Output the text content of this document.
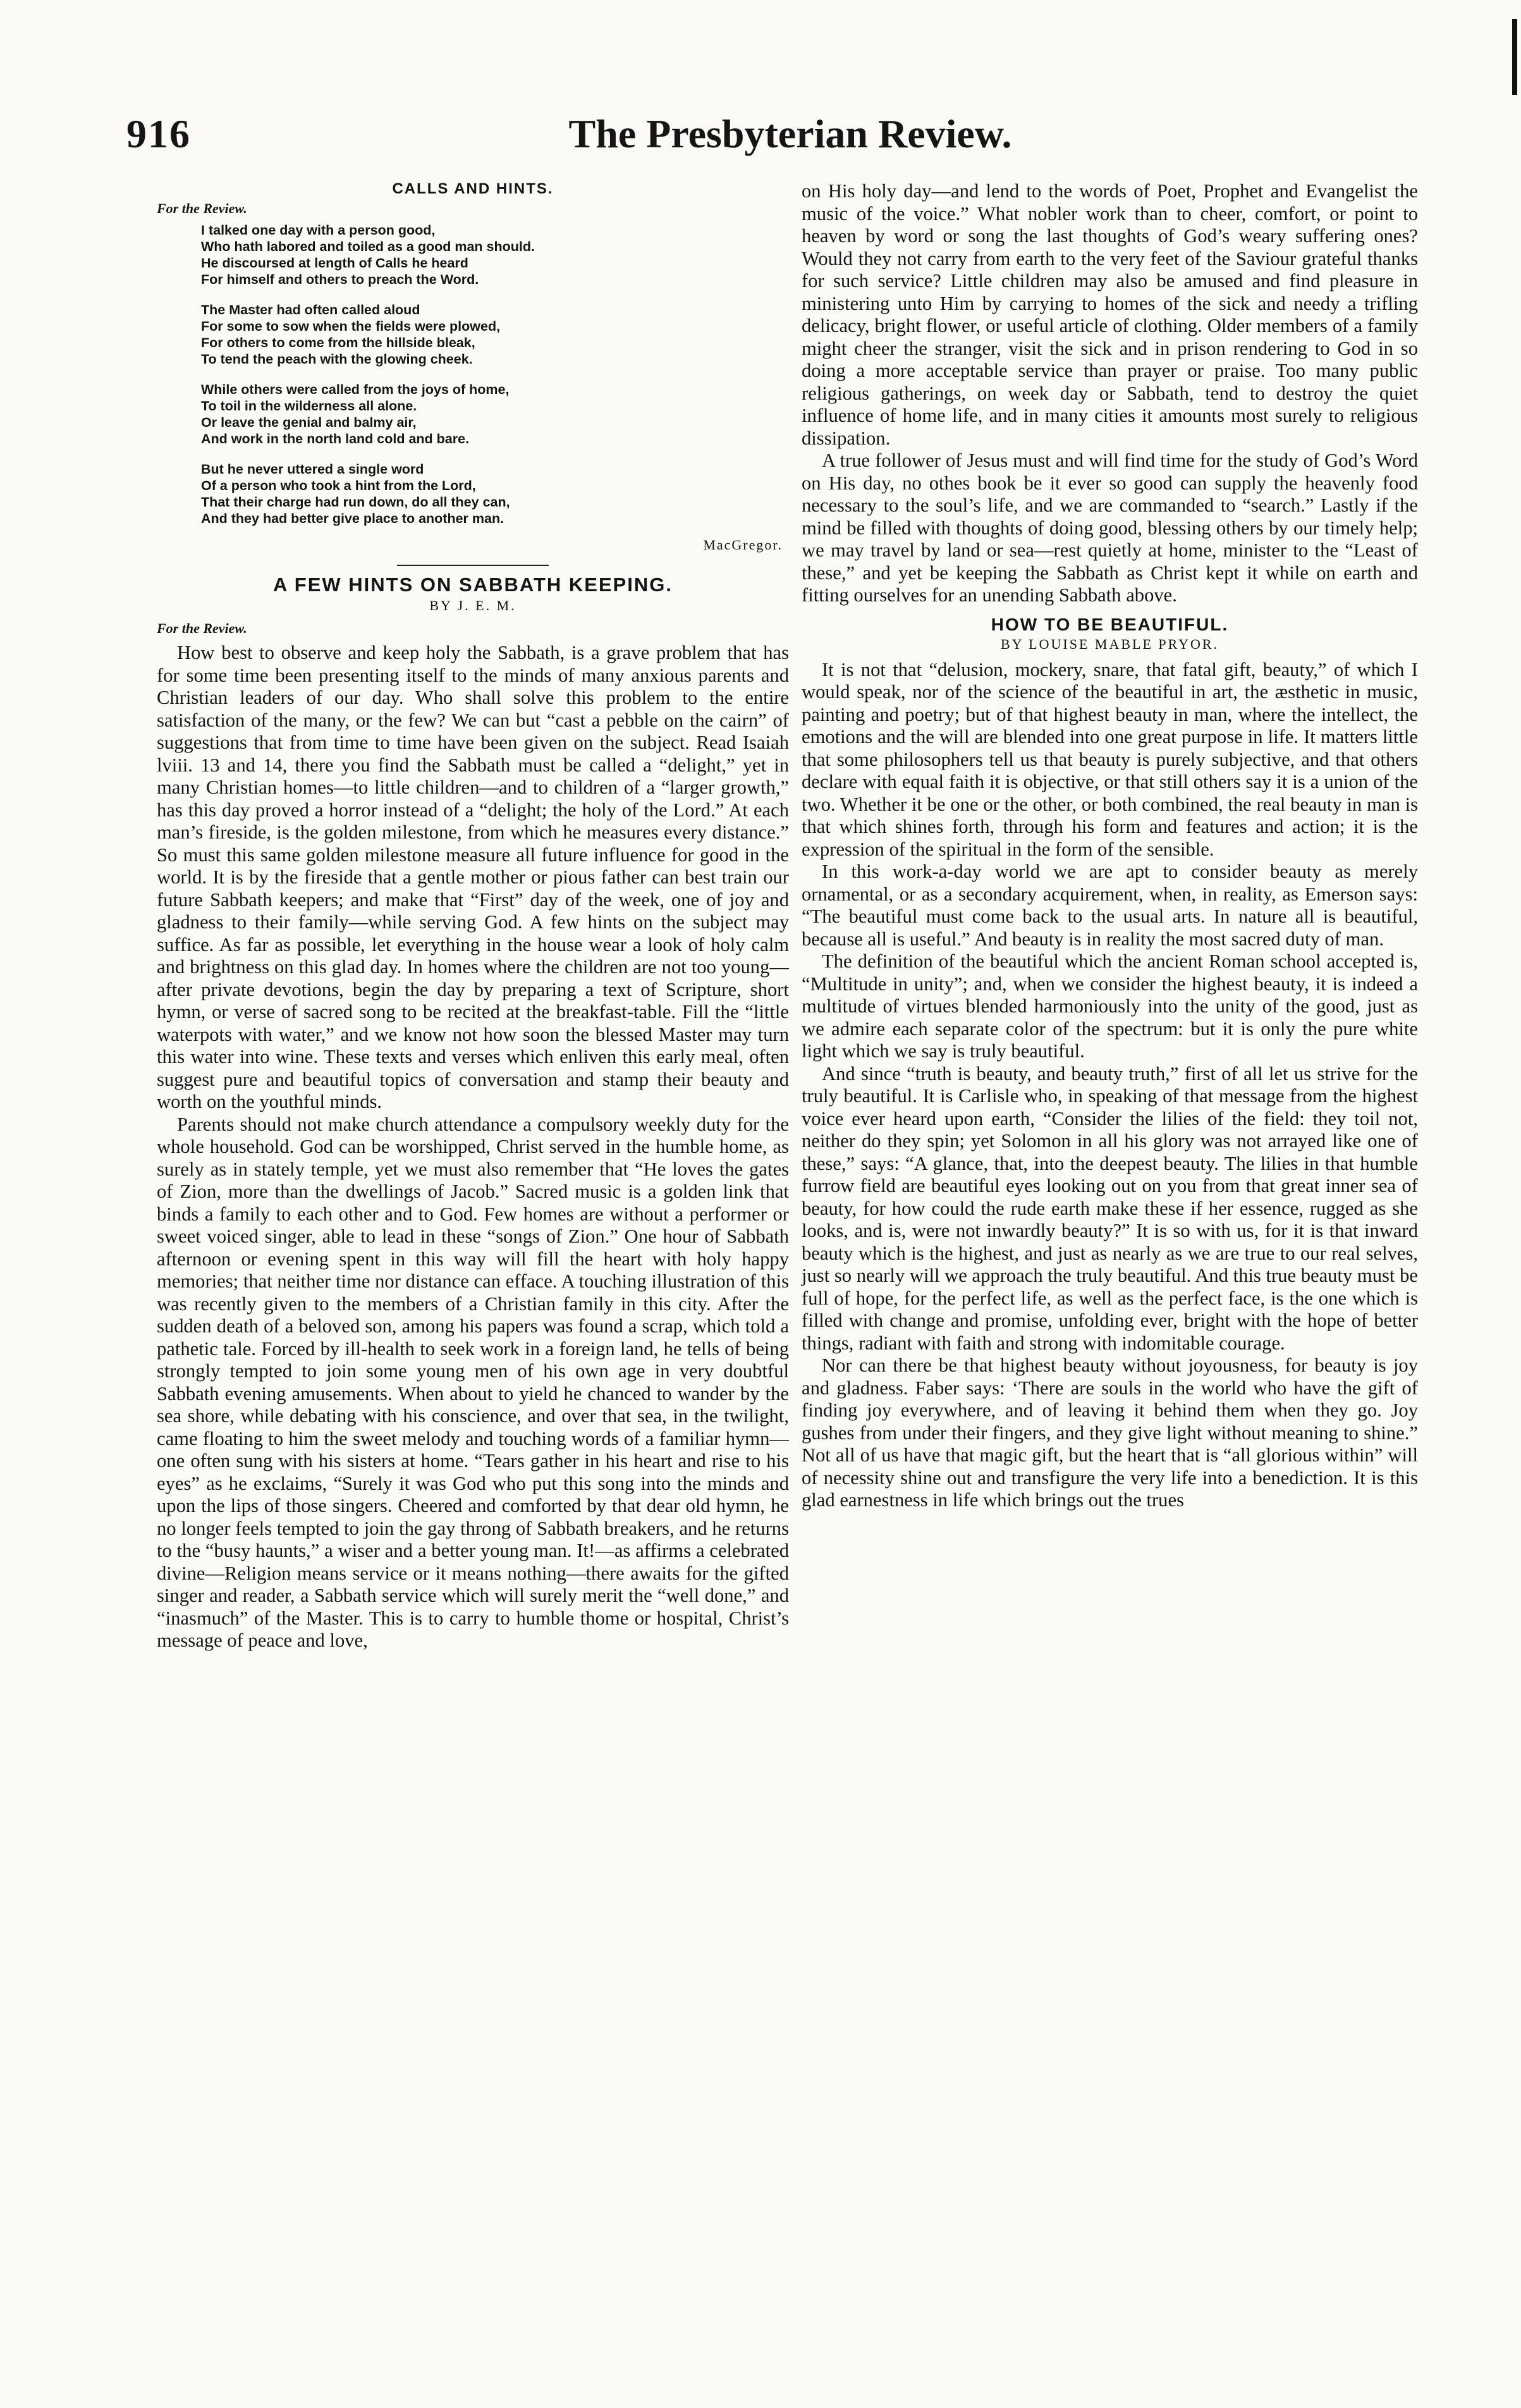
916	The Presbyterian Review.
CALLS AND HINTS.
For the Review.
I talked one day with a person good,
Who hath labored and toiled as a good man should.
He discoursed at length of Calls he heard
For himself and others to preach the Word.
The Master had often called aloud
For some to sow when the fields were plowed,
For others to come from the hillside bleak,
To tend the peach with the glowing cheek.
While others were called from the joys of home,
To toil in the wilderness all alone.
Or leave the genial and balmy air,
And work in the north land cold and bare.
But he never uttered a single word
Of a person who took a hint from the Lord,
That their charge had run down, do all they can,
And they had better give place to another man.
MacGregor.
A FEW HINTS ON SABBATH KEEPING.
BY J. E. M.
For the Review.

How best to observe and keep holy the Sabbath, is a grave problem that has for some time been presenting itself to the minds of many anxious parents and Christian leaders of our day. Who shall solve this problem to the entire satisfaction of the many, or the few? We can but “cast a pebble on the cairn” of suggestions that from time to time have been given on the subject. Read Isaiah lviii. 13 and 14, there you find the Sabbath must be called a “delight,” yet in many Christian homes—to little children—and to children of a “larger growth,” has this day proved a horror instead of a “delight; the holy of the Lord.” At each man’s fireside, is the golden milestone, from which he measures every distance.” So must this same golden milestone measure all future influence for good in the world. It is by the fireside that a gentle mother or pious father can best train our future Sabbath keepers; and make that “First” day of the week, one of joy and gladness to their family—while serving God. A few hints on the subject may suffice. As far as possible, let everything in the house wear a look of holy calm and brightness on this glad day. In homes where the children are not too young—after private devotions, begin the day by preparing a text of Scripture, short hymn, or verse of sacred song to be recited at the breakfast-table. Fill the “little waterpots with water,” and we know not how soon the blessed Master may turn this water into wine. These texts and verses which enliven this early meal, often suggest pure and beautiful topics of conversation and stamp their beauty and worth on the youthful minds.

Parents should not make church attendance a compulsory weekly duty for the whole household. God can be worshipped, Christ served in the humble home, as surely as in stately temple, yet we must also remember that “He loves the gates of Zion, more than the dwellings of Jacob.” Sacred music is a golden link that binds a family to each other and to God. Few homes are without a performer or sweet voiced singer, able to lead in these “songs of Zion.” One hour of Sabbath afternoon or evening spent in this way will fill the heart with holy happy memories; that neither time nor distance can efface. A touching illustration of this was recently given to the members of a Christian family in this city. After the sudden death of a beloved son, among his papers was found a scrap, which told a pathetic tale. Forced by ill-health to seek work in a foreign land, he tells of being strongly tempted to join some young men of his own age in very doubtful Sabbath evening amusements. When about to yield he chanced to wander by the sea shore, while debating with his conscience, and over that sea, in the twilight, came floating to him the sweet melody and touching words of a familiar hymn—one often sung with his sisters at home. “Tears gather in his heart and rise to his eyes” as he exclaims, “Surely it was God who put this song into the minds and upon the lips of those singers. Cheered and comforted by that dear old hymn, he no longer feels tempted to join the gay throng of Sabbath breakers, and he returns to the “busy haunts,” a wiser and a better young man. It!—as affirms a celebrated divine—Religion means service or it means nothing—there awaits for the gifted singer and reader, a Sabbath service which will surely merit the “well done,” and “inasmuch” of the Master. This is to carry to humble thome or hospital, Christ’s message of peace and love,

on His holy day—and lend to the words of Poet, Prophet and Evangelist the music of the voice.” What nobler work than to cheer, comfort, or point to heaven by word or song the last thoughts of God’s weary suffering ones? Would they not carry from earth to the very feet of the Saviour grateful thanks for such service? Little children may also be amused and find pleasure in ministering unto Him by carrying to homes of the sick and needy a trifling delicacy, bright flower, or useful article of clothing. Older members of a family might cheer the stranger, visit the sick and in prison rendering to God in so doing a more acceptable service than prayer or praise. Too many public religious gatherings, on week day or Sabbath, tend to destroy the quiet influence of home life, and in many cities it amounts most surely to religious dissipation.

A true follower of Jesus must and will find time for the study of God’s Word on His day, no othes book be it ever so good can supply the heavenly food necessary to the soul’s life, and we are commanded to “search.” Lastly if the mind be filled with thoughts of doing good, blessing others by our timely help; we may travel by land or sea—rest quietly at home, minister to the “Least of these,” and yet be keeping the Sabbath as Christ kept it while on earth and fitting ourselves for an unending Sabbath above.

HOW TO BE BEAUTIFUL.
BY LOUISE MABLE PRYOR.

It is not that “delusion, mockery, snare, that fatal gift, beauty,” of which I would speak, nor of the science of the beautiful in art, the æsthetic in music, painting and poetry; but of that highest beauty in man, where the intellect, the emotions and the will are blended into one great purpose in life. It matters little that some philosophers tell us that beauty is purely subjective, and that others declare with equal faith it is objective, or that still others say it is a union of the two. Whether it be one or the other, or both combined, the real beauty in man is that which shines forth, through his form and features and action; it is the expression of the spiritual in the form of the sensible.

In this work-a-day world we are apt to consider beauty as merely ornamental, or as a secondary acquirement, when, in reality, as Emerson says: “The beautiful must come back to the usual arts. In nature all is beautiful, because all is useful.” And beauty is in reality the most sacred duty of man.

The definition of the beautiful which the ancient Roman school accepted is, “Multitude in unity”; and, when we consider the highest beauty, it is indeed a multitude of virtues blended harmoniously into the unity of the good, just as we admire each separate color of the spectrum: but it is only the pure white light which we say is truly beautiful.

And since “truth is beauty, and beauty truth,” first of all let us strive for the truly beautiful. It is Carlisle who, in speaking of that message from the highest voice ever heard upon earth, “Consider the lilies of the field: they toil not, neither do they spin; yet Solomon in all his glory was not arrayed like one of these,” says: “A glance, that, into the deepest beauty. The lilies in that humble furrow field are beautiful eyes looking out on you from that great inner sea of beauty, for how could the rude earth make these if her essence, rugged as she looks, and is, were not inwardly beauty?” It is so with us, for it is that inward beauty which is the highest, and just as nearly as we are true to our real selves, just so nearly will we approach the truly beautiful. And this true beauty must be full of hope, for the perfect life, as well as the perfect face, is the one which is filled with change and promise, unfolding ever, bright with the hope of better things, radiant with faith and strong with indomitable courage.

Nor can there be that highest beauty without joyousness, for beauty is joy and gladness. Faber says: ‘There are souls in the world who have the gift of finding joy everywhere, and of leaving it behind them when they go. Joy gushes from under their fingers, and they give light without meaning to shine.” Not all of us have that magic gift, but the heart that is “all glorious within” will of necessity shine out and transfigure the very life into a benediction. It is this glad earnestness in life which brings out the trues
